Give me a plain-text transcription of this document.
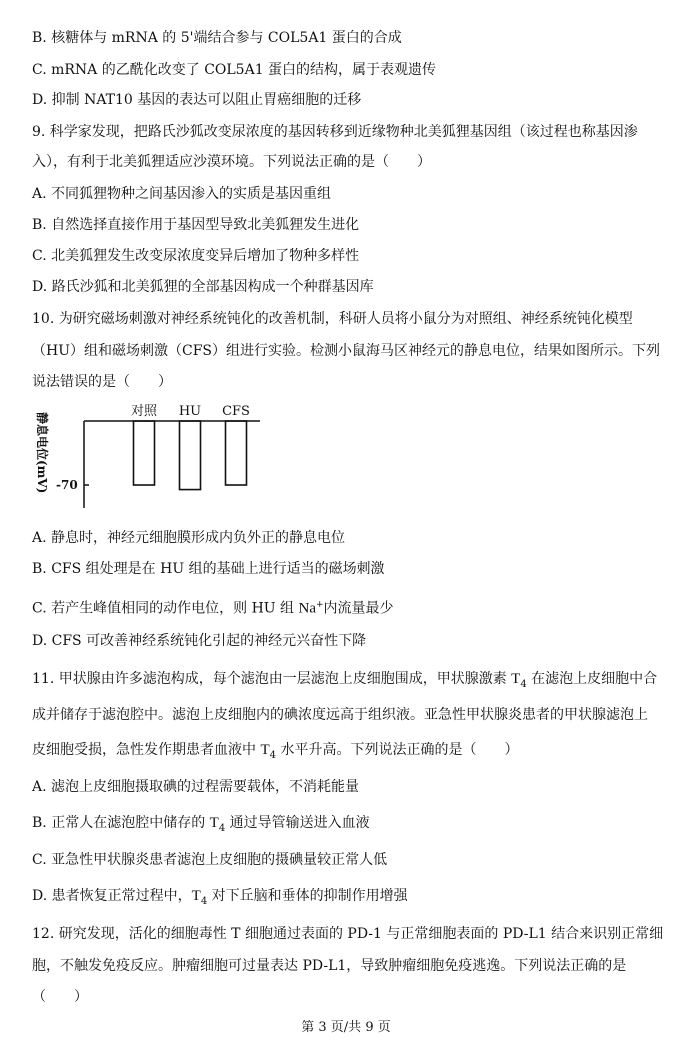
B. 核糖体与 mRNA 的 5'端结合参与 COL5A1 蛋白的合成
C. mRNA 的乙酰化改变了 COL5A1 蛋白的结构，属于表观遗传
D. 抑制 NAT10 基因的表达可以阻止胃癌细胞的迁移
9. 科学家发现，把路氏沙狐改变尿浓度的基因转移到近缘物种北美狐狸基因组（该过程也称基因渗
入），有利于北美狐狸适应沙漠环境。下列说法正确的是（　　）
A. 不同狐狸物种之间基因渗入的实质是基因重组
B. 自然选择直接作用于基因型导致北美狐狸发生进化
C. 北美狐狸发生改变尿浓度变异后增加了物种多样性
D. 路氏沙狐和北美狐狸的全部基因构成一个种群基因库
10. 为研究磁场刺激对神经系统钝化的改善机制，科研人员将小鼠分为对照组、神经系统钝化模型
（HU）组和磁场刺激（CFS）组进行实验。检测小鼠海马区神经元的静息电位，结果如图所示。下列
说法错误的是（　　）
静息电位(mV) -70
对照 HU CFS
A. 静息时，神经元细胞膜形成内负外正的静息电位
B. CFS 组处理是在 HU 组的基础上进行适当的磁场刺激
C. 若产生峰值相同的动作电位，则 HU 组 Na+内流量最少
D. CFS 可改善神经系统钝化引起的神经元兴奋性下降
11. 甲状腺由许多滤泡构成，每个滤泡由一层滤泡上皮细胞围成，甲状腺激素 $T_4$ 在滤泡上皮细胞中合
成并储存于滤泡腔中。滤泡上皮细胞内的碘浓度远高于组织液。亚急性甲状腺炎患者的甲状腺滤泡上
皮细胞受损，急性发作期患者血液中 $T_4$ 水平升高。下列说法正确的是（　　）
A. 滤泡上皮细胞摄取碘的过程需要载体，不消耗能量
B. 正常人在滤泡腔中储存的 $T_4$ 通过导管输送进入血液
C. 亚急性甲状腺炎患者滤泡上皮细胞的摄碘量较正常人低
D. 患者恢复正常过程中，$T_4$ 对下丘脑和垂体的抑制作用增强
12. 研究发现，活化的细胞毒性 T 细胞通过表面的 PD-1 与正常细胞表面的 PD-L1 结合来识别正常细
胞，不触发免疫反应。肿瘤细胞可过量表达 PD-L1，导致肿瘤细胞免疫逃逸。下列说法正确的是
（　　）
第 3 页/共 9 页
